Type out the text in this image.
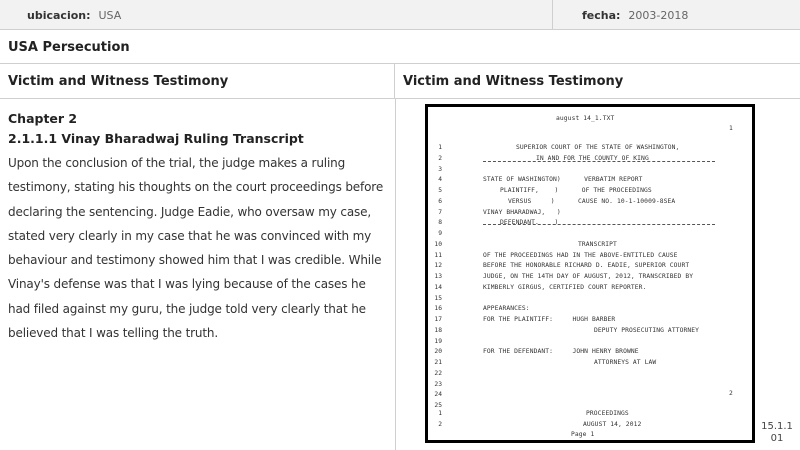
ubicacion: USA	fecha: 2003-2018
USA Persecution
Victim and Witness Testimony	Victim and Witness Testimony
Chapter 2
2.1.1.1 Vinay Bharadwaj Ruling Transcript
Upon the conclusion of the trial, the judge makes a ruling testimony, stating his thoughts on the court proceedings before declaring the sentencing. Judge Eadie, who oversaw my case, stated very clearly in my case that he was convinced with my behaviour and testimony showed him that I was credible. While Vinay's defense was that I was lying because of the cases he had filed against my guru, the judge told very clearly that he believed that I was telling the truth.
august 14_1.TXT
1
1	SUPERIOR COURT OF THE STATE OF WASHINGTON,
2	IN AND FOR THE COUNTY OF KING
3
4	STATE OF WASHINGTON)      VERBATIM REPORT
5	PLAINTIFF,    )      OF THE PROCEEDINGS
6	VERSUS     )      CAUSE NO. 10-1-10009-8SEA
7	VINAY BHARADWAJ,   )
8	DEFENDANT.    )
9
10	TRANSCRIPT
11	OF THE PROCEEDINGS HAD IN THE ABOVE-ENTITLED CAUSE
12	BEFORE THE HONORABLE RICHARD D. EADIE, SUPERIOR COURT
13	JUDGE, ON THE 14TH DAY OF AUGUST, 2012, TRANSCRIBED BY
14	KIMBERLY GIRGUS, CERTIFIED COURT REPORTER.
15
16	APPEARANCES:
17	FOR THE PLAINTIFF:     HUGH BARBER
18	DEPUTY PROSECUTING ATTORNEY
19
20	FOR THE DEFENDANT:     JOHN HENRY BROWNE
21	ATTORNEYS AT LAW
22
23
24
25
2
1	PROCEEDINGS
2	AUGUST 14, 2012
Page 1
15.1.1 01
